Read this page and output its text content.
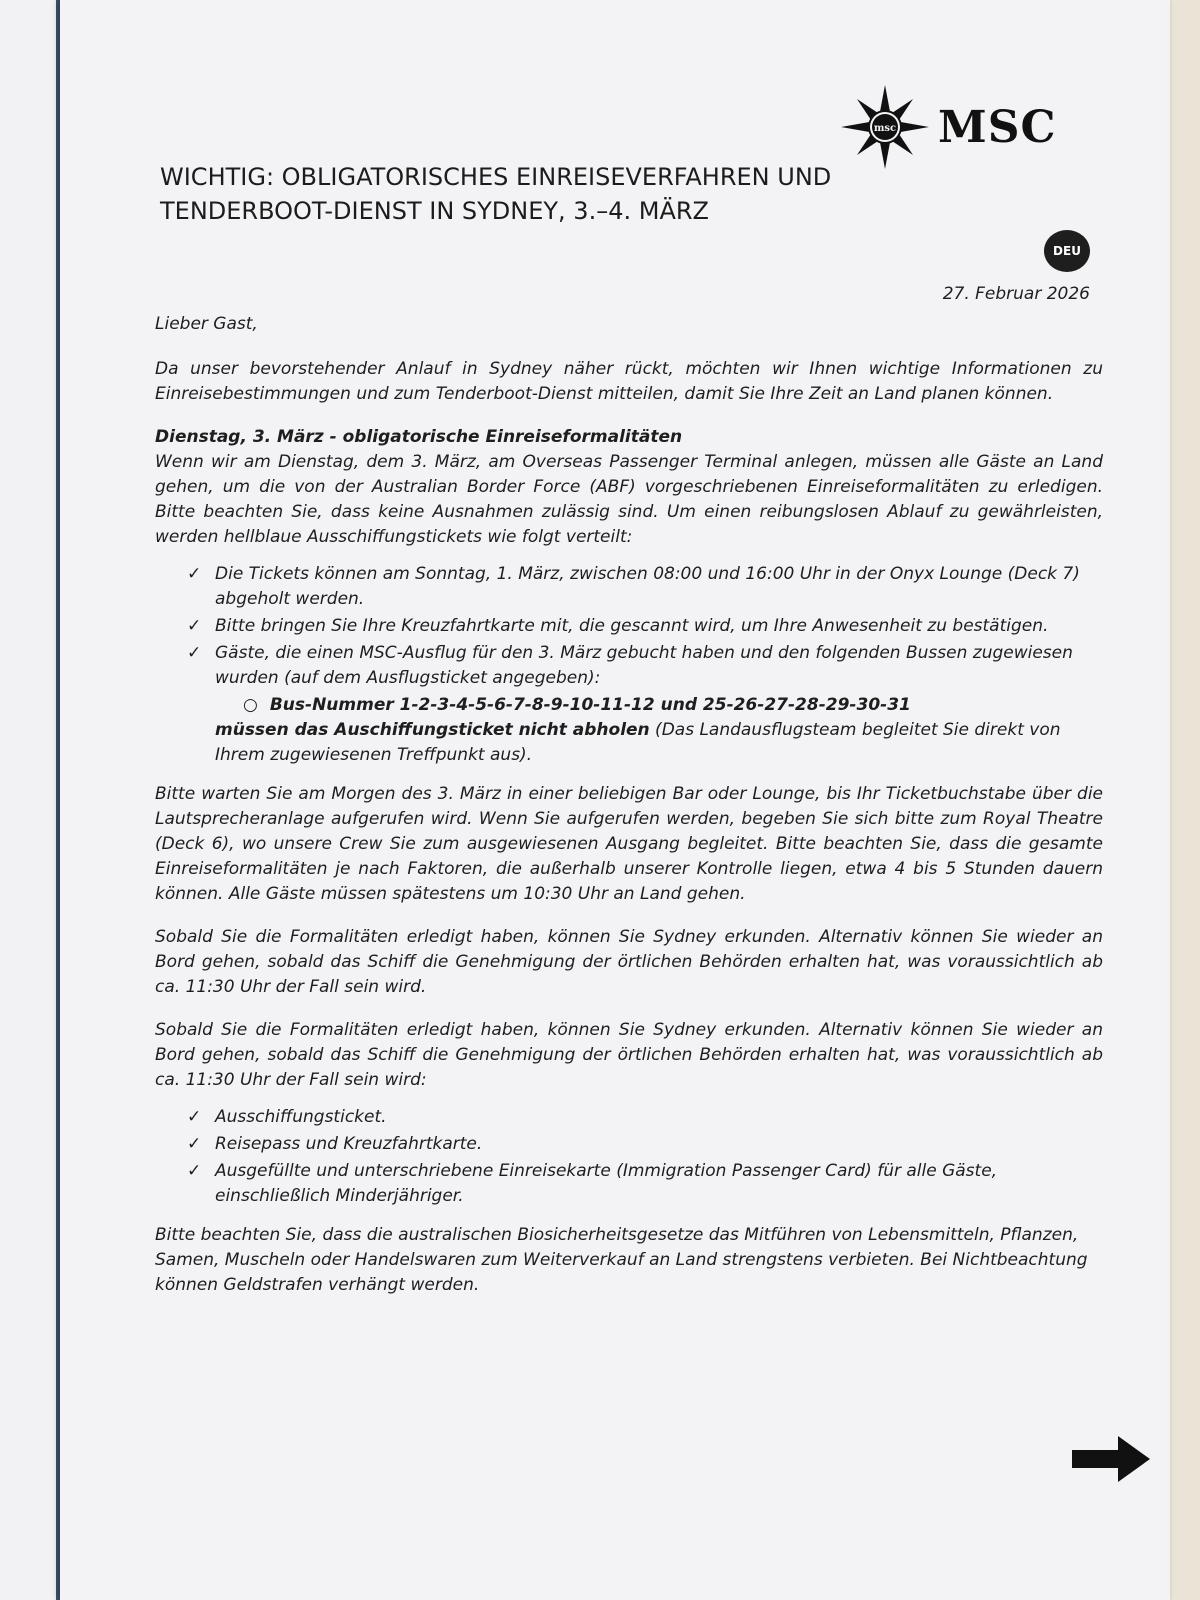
msc MSC
WICHTIG: OBLIGATORISCHES EINREISEVERFAHREN UND TENDERBOOT-DIENST IN SYDNEY, 3.–4. MÄRZ
DEU
27. Februar 2026

Lieber Gast,

Da unser bevorstehender Anlauf in Sydney näher rückt, möchten wir Ihnen wichtige Informationen zu Einreisebestimmungen und zum Tenderboot-Dienst mitteilen, damit Sie Ihre Zeit an Land planen können.

Dienstag, 3. März - obligatorische Einreiseformalitäten

Wenn wir am Dienstag, dem 3. März, am Overseas Passenger Terminal anlegen, müssen alle Gäste an Land gehen, um die von der Australian Border Force (ABF) vorgeschriebenen Einreiseformalitäten zu erledigen. Bitte beachten Sie, dass keine Ausnahmen zulässig sind. Um einen reibungslosen Ablauf zu gewährleisten, werden hellblaue Ausschiffungstickets wie folgt verteilt:

✓ Die Tickets können am Sonntag, 1. März, zwischen 08:00 und 16:00 Uhr in der Onyx Lounge (Deck 7) abgeholt werden.
✓ Bitte bringen Sie Ihre Kreuzfahrtkarte mit, die gescannt wird, um Ihre Anwesenheit zu bestätigen.
✓ Gäste, die einen MSC-Ausflug für den 3. März gebucht haben und den folgenden Bussen zugewiesen wurden (auf dem Ausflugsticket angegeben):
○ Bus-Nummer 1-2-3-4-5-6-7-8-9-10-11-12 und 25-26-27-28-29-30-31
müssen das Auschiffungsticket nicht abholen (Das Landausflugsteam begleitet Sie direkt von Ihrem zugewiesenen Treffpunkt aus).

Bitte warten Sie am Morgen des 3. März in einer beliebigen Bar oder Lounge, bis Ihr Ticketbuchstabe über die Lautsprecheranlage aufgerufen wird. Wenn Sie aufgerufen werden, begeben Sie sich bitte zum Royal Theatre (Deck 6), wo unsere Crew Sie zum ausgewiesenen Ausgang begleitet. Bitte beachten Sie, dass die gesamte Einreiseformalitäten je nach Faktoren, die außerhalb unserer Kontrolle liegen, etwa 4 bis 5 Stunden dauern können. Alle Gäste müssen spätestens um 10:30 Uhr an Land gehen.

Sobald Sie die Formalitäten erledigt haben, können Sie Sydney erkunden. Alternativ können Sie wieder an Bord gehen, sobald das Schiff die Genehmigung der örtlichen Behörden erhalten hat, was voraussichtlich ab ca. 11:30 Uhr der Fall sein wird.

Sobald Sie die Formalitäten erledigt haben, können Sie Sydney erkunden. Alternativ können Sie wieder an Bord gehen, sobald das Schiff die Genehmigung der örtlichen Behörden erhalten hat, was voraussichtlich ab ca. 11:30 Uhr der Fall sein wird:

✓ Ausschiffungsticket.
✓ Reisepass und Kreuzfahrtkarte.
✓ Ausgefüllte und unterschriebene Einreisekarte (Immigration Passenger Card) für alle Gäste, einschließlich Minderjähriger.

Bitte beachten Sie, dass die australischen Biosicherheitsgesetze das Mitführen von Lebensmitteln, Pflanzen, Samen, Muscheln oder Handelswaren zum Weiterverkauf an Land strengstens verbieten. Bei Nichtbeachtung können Geldstrafen verhängt werden.
